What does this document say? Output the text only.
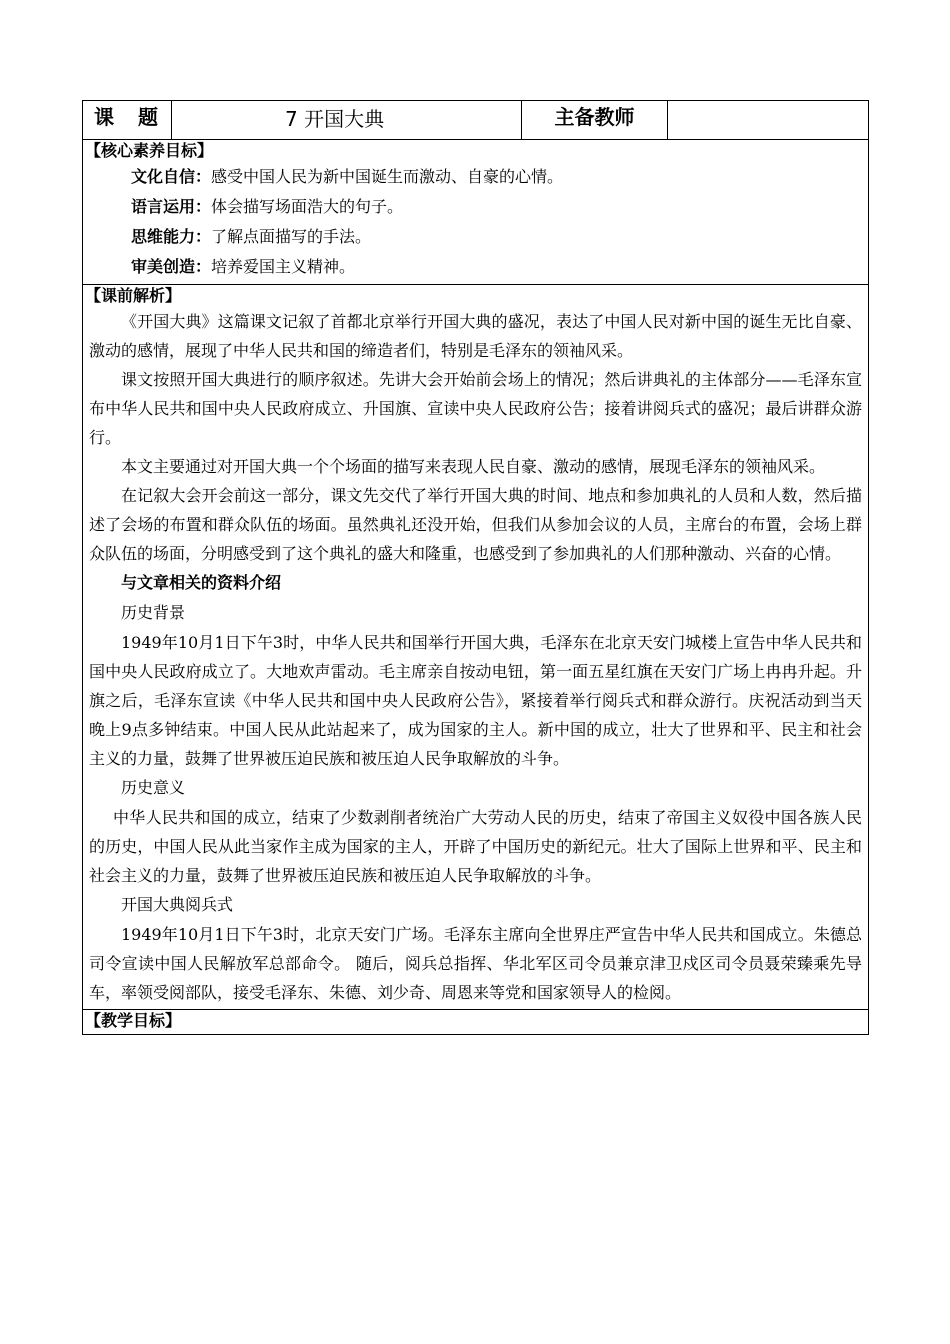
课　题	7 开国大典	主备教师	

【核心素养目标】
文化自信：感受中国人民为新中国诞生而激动、自豪的心情。
语言运用：体会描写场面浩大的句子。
思维能力：了解点面描写的手法。
审美创造：培养爱国主义精神。

【课前解析】

《开国大典》这篇课文记叙了首都北京举行开国大典的盛况，表达了中国人民对新中国的诞生无比自豪、激动的感情，展现了中华人民共和国的缔造者们，特别是毛泽东的领袖风采。

课文按照开国大典进行的顺序叙述。先讲大会开始前会场上的情况；然后讲典礼的主体部分——毛泽东宣布中华人民共和国中央人民政府成立、升国旗、宣读中央人民政府公告；接着讲阅兵式的盛况；最后讲群众游行。

本文主要通过对开国大典一个个场面的描写来表现人民自豪、激动的感情，展现毛泽东的领袖风采。

在记叙大会开会前这一部分，课文先交代了举行开国大典的时间、地点和参加典礼的人员和人数，然后描述了会场的布置和群众队伍的场面。虽然典礼还没开始，但我们从参加会议的人员，主席台的布置，会场上群众队伍的场面，分明感受到了这个典礼的盛大和隆重，也感受到了参加典礼的人们那种激动、兴奋的心情。

与文章相关的资料介绍
历史背景

1949年10月1日下午3时，中华人民共和国举行开国大典，毛泽东在北京天安门城楼上宣告中华人民共和国中央人民政府成立了。大地欢声雷动。毛主席亲自按动电钮，第一面五星红旗在天安门广场上冉冉升起。升旗之后，毛泽东宣读《中华人民共和国中央人民政府公告》，紧接着举行阅兵式和群众游行。庆祝活动到当天晚上9点多钟结束。中国人民从此站起来了，成为国家的主人。新中国的成立，壮大了世界和平、民主和社会主义的力量，鼓舞了世界被压迫民族和被压迫人民争取解放的斗争。

历史意义

中华人民共和国的成立，结束了少数剥削者统治广大劳动人民的历史，结束了帝国主义奴役中国各族人民的历史，中国人民从此当家作主成为国家的主人，开辟了中国历史的新纪元。壮大了国际上世界和平、民主和社会主义的力量，鼓舞了世界被压迫民族和被压迫人民争取解放的斗争。

开国大典阅兵式

1949年10月1日下午3时，北京天安门广场。毛泽东主席向全世界庄严宣告中华人民共和国成立。朱德总司令宣读中国人民解放军总部命令。 随后，阅兵总指挥、华北军区司令员兼京津卫戍区司令员聂荣臻乘先导车，率领受阅部队，接受毛泽东、朱德、刘少奇、周恩来等党和国家领导人的检阅。

【教学目标】
